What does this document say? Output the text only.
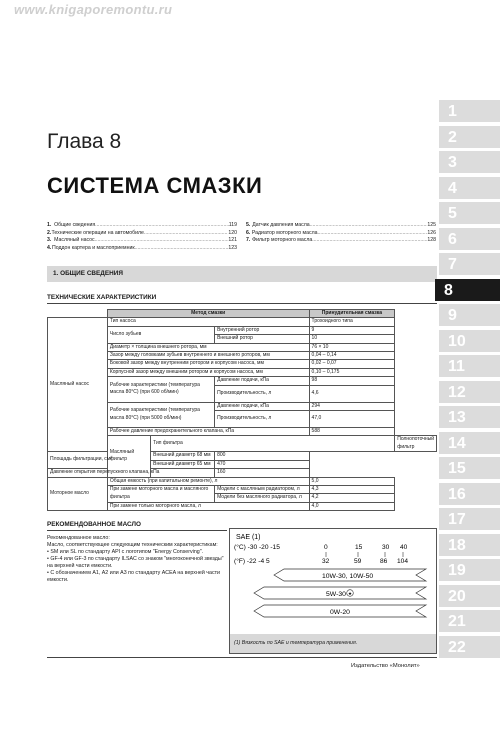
www.knigaporemontu.ru
Глава 8
СИСТЕМА СМАЗКИ
1. Общие сведения .....	119
2. Технические операции на автомобиле .....	120
3. Масляный насос .....	121
4. Поддон картера и маслоприемник .....	123
5. Датчик давления масла .....	125
6. Радиатор моторного масла .....	126
7. Фильтр моторного масла .....	128
1. ОБЩИЕ СВЕДЕНИЯ
ТЕХНИЧЕСКИЕ ХАРАКТЕРИСТИКИ
	Метод смазки			Принудительная смазка	
Масляный насос	Тип насоса			Трохоидного типа	
	Число зубьев		Внутренний ротор	9	
			Внешний ротор	10	
	Диаметр × толщина внешнего ротора, мм			76 × 10	
	Зазор между головками зубьев внутреннего и внешнего роторов, мм			0,04 – 0,14	
	Боковой зазор между внутренним ротором и корпусом насоса, мм			0,02 – 0,07	
	Корпусной зазор между внешним ротором и корпусом насоса, мм			0,10 – 0,175	
	Рабочие характеристики (температура масла 80°С) (при 600 об/мин)		Давление подачи, кПа	98	
			Производительность, л	4,6	
	Рабочие характеристики (температура масла 80°С) (при 5000 об/мин)		Давление подачи, кПа	294	
			Производительность, л	47,0	
	Рабочее давление предохранительного клапана, кПа			588	
	Масляный фильтр	Тип фильтра			Полнопоточный фильтр
Площадь фильтрации, см²		Внешний диаметр 68 мм	800		
		Внешний диаметр 65 мм	470		
Давление открытия перепускного клапана, кПа			160		
Моторное масло	Общая емкость (при капитальном ремонте), л			5,0	
	При замене моторного масла и масляного фильтра		Модели с масляным радиатором, л	4,3	
			Модели без масляного радиатора, л	4,2	
	При замене только моторного масла, л			4,0	
РЕКОМЕНДОВАННОЕ МАСЛО

Рекомендованное масло:

Масло, соответствующее следующим техническим характеристикам:

• SM или SL по стандарту API с логотипом "Energy Conserving".

• GF-4 или GF-3 по стандарту ILSAC со знаком "многоконечной звезды" на верхней части емкости.

• С обозначением А1, А2 или А3 по стандарту ACEA на верхней части емкости.

SAE (1)
(°C) -30 -20 -15	0	15	30 40
(°F) -22 -4 5	32	59	86 104
10W-30, 10W-50
5W-30 ★
0W-20
(1) Вязкость по SAE и температура применения.
Издательство «Монолит»
1
2
3
4
5
6
7
8
9
10
11
12
13
14
15
16
17
18
19
20
21
22
